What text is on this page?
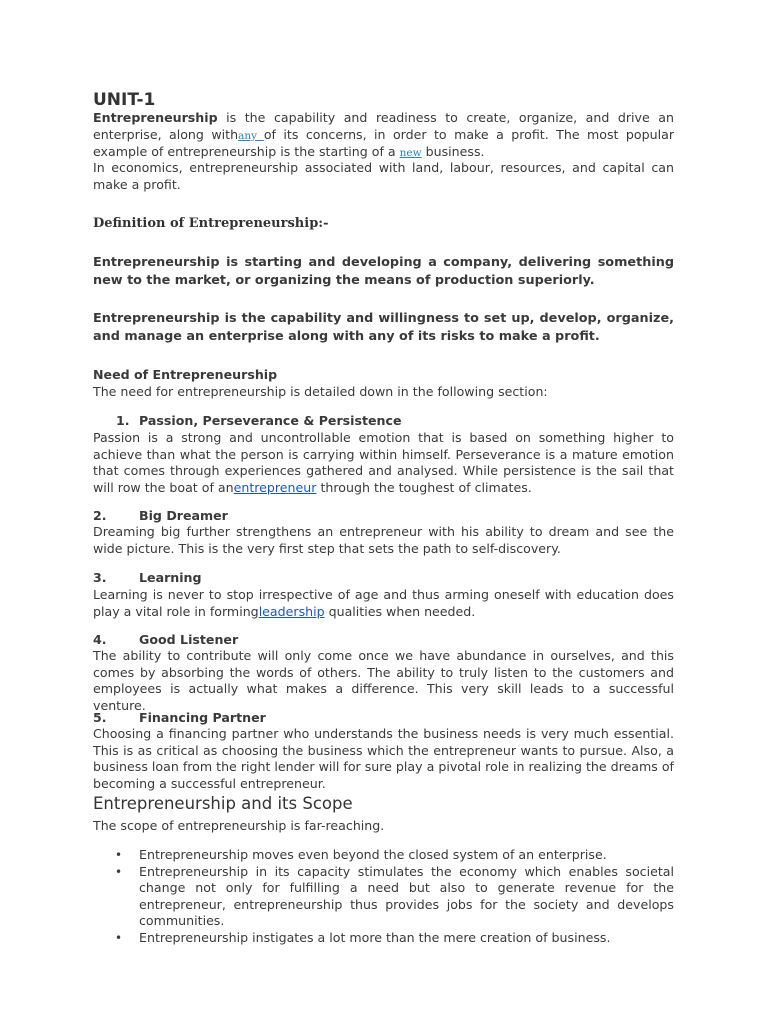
UNIT-1
Entrepreneurship is the capability and readiness to create, organize, and drive an enterprise, along withany of its concerns, in order to make a profit. The most popular example of entrepreneurship is the starting of a new business.
In economics, entrepreneurship associated with land, labour, resources, and capital can make a profit.
Definition of Entrepreneurship:-
Entrepreneurship is starting and developing a company, delivering something new to the market, or organizing the means of production superiorly.
Entrepreneurship is the capability and willingness to set up, develop, organize, and manage an enterprise along with any of its risks to make a profit.
Need of Entrepreneurship
The need for entrepreneurship is detailed down in the following section:
1. Passion, Perseverance & Persistence
Passion is a strong and uncontrollable emotion that is based on something higher to achieve than what the person is carrying within himself. Perseverance is a mature emotion that comes through experiences gathered and analysed. While persistence is the sail that will row the boat of anentrepreneur through the toughest of climates.
2.	Big Dreamer
Dreaming big further strengthens an entrepreneur with his ability to dream and see the wide picture. This is the very first step that sets the path to self-discovery.
3.	Learning
Learning is never to stop irrespective of age and thus arming oneself with education does play a vital role in formingleadership qualities when needed.
4.	Good Listener
The ability to contribute will only come once we have abundance in ourselves, and this comes by absorbing the words of others. The ability to truly listen to the customers and employees is actually what makes a difference. This very skill leads to a successful venture.
5.	Financing Partner
Choosing a financing partner who understands the business needs is very much essential. This is as critical as choosing the business which the entrepreneur wants to pursue. Also, a business loan from the right lender will for sure play a pivotal role in realizing the dreams of becoming a successful entrepreneur.
Entrepreneurship and its Scope
The scope of entrepreneurship is far-reaching.
• Entrepreneurship moves even beyond the closed system of an enterprise.
• Entrepreneurship in its capacity stimulates the economy which enables societal change not only for fulfilling a need but also to generate revenue for the entrepreneur, entrepreneurship thus provides jobs for the society and develops communities.
• Entrepreneurship instigates a lot more than the mere creation of business.
